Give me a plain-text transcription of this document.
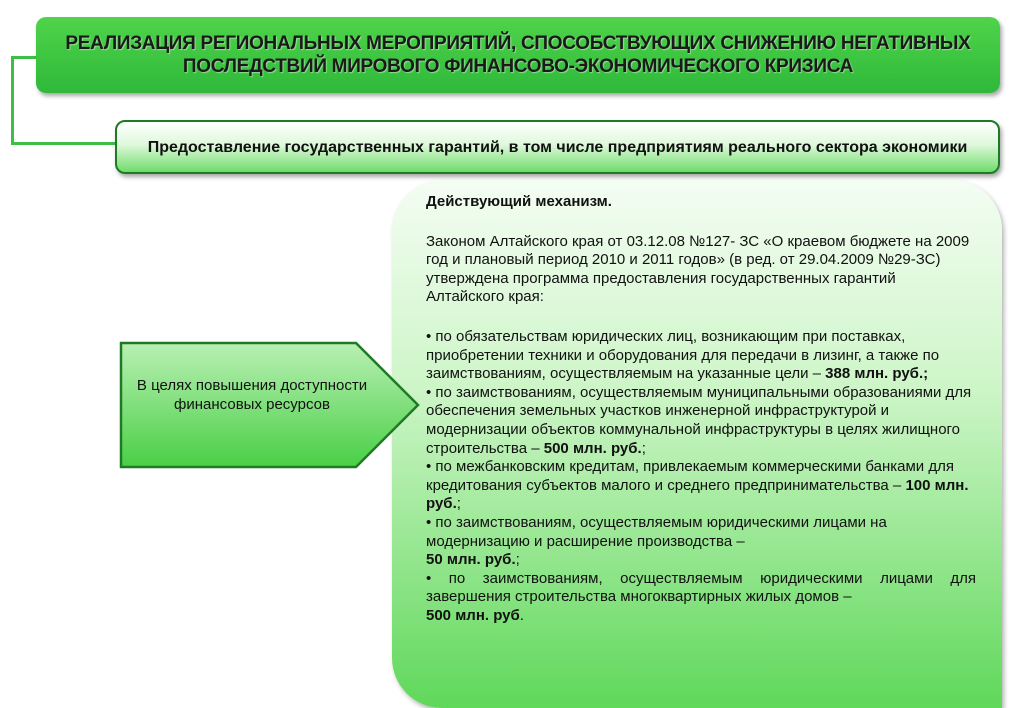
РЕАЛИЗАЦИЯ РЕГИОНАЛЬНЫХ МЕРОПРИЯТИЙ, СПОСОБСТВУЮЩИХ СНИЖЕНИЮ НЕГАТИВНЫХ ПОСЛЕДСТВИЙ МИРОВОГО ФИНАНСОВО-ЭКОНОМИЧЕСКОГО КРИЗИСА
Предоставление государственных гарантий, в том числе предприятиям реального сектора экономики
В целях повышения доступности финансовых ресурсов

Действующий механизм.

Законом Алтайского края от 03.12.08 №127- ЗС «О краевом бюджете на 2009 год и плановый период 2010 и 2011 годов» (в ред. от 29.04.2009 №29-ЗС) утверждена программа предоставления государственных гарантий Алтайского края:

• по обязательствам юридических лиц, возникающим при поставках, приобретении техники и оборудования для передачи в лизинг, а также по заимствованиям, осуществляемым на указанные цели – 388 млн. руб.;

• по заимствованиям, осуществляемым муниципальными образованиями для обеспечения земельных участков инженерной инфраструктурой и модернизации объектов коммунальной инфраструктуры в целях жилищного строительства – 500 млн. руб.;

• по межбанковским кредитам, привлекаемым коммерческими банками для кредитования субъектов малого и среднего предпринимательства – 100 млн. руб.;

• по заимствованиям, осуществляемым юридическими лицами на модернизацию и расширение производства –
50 млн. руб.;

• по заимствованиям, осуществляемым юридическими лицами для завершения строительства многоквартирных жилых домов –
500 млн. руб.
